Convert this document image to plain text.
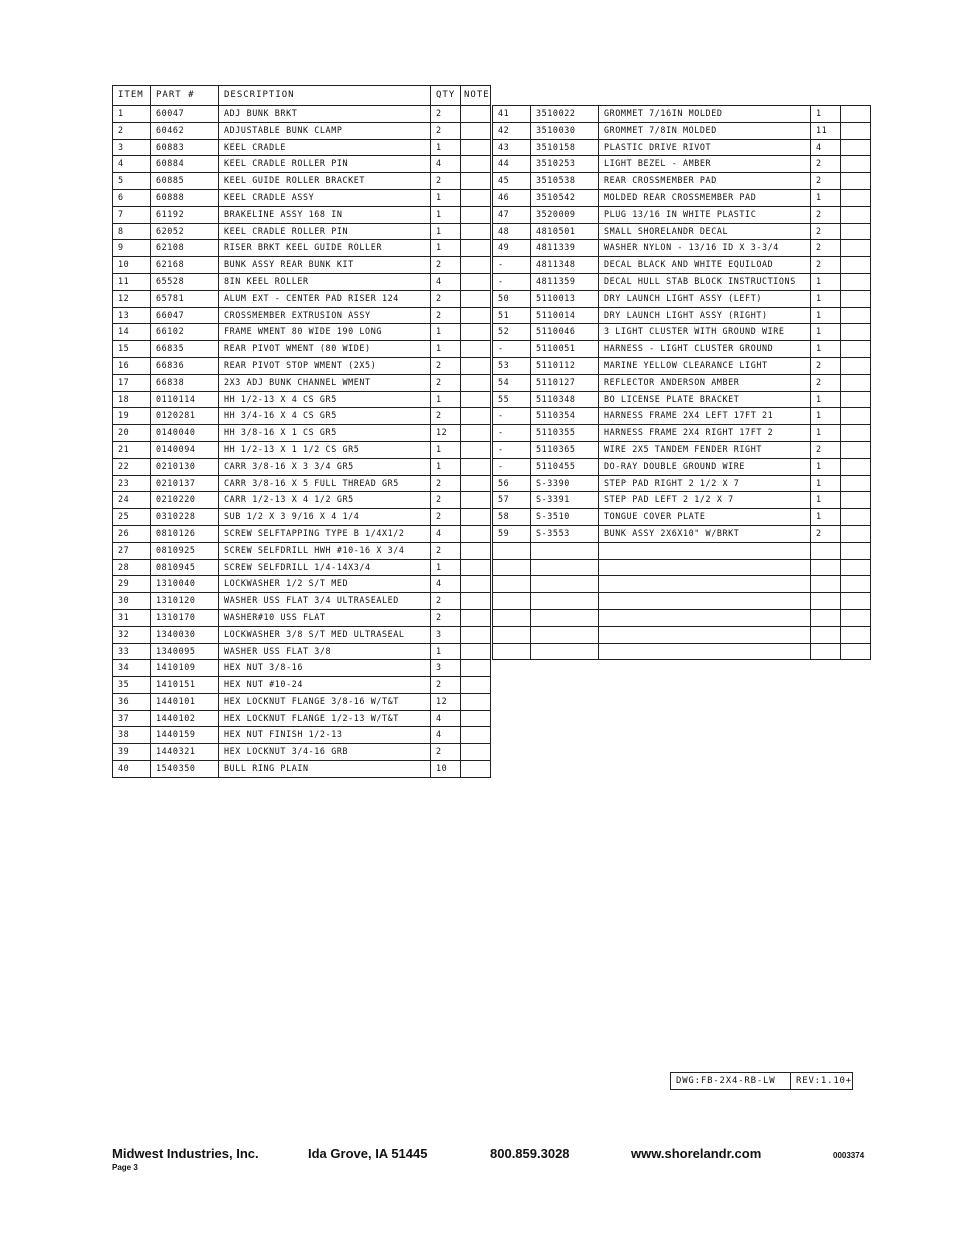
ITEM	PART #	DESCRIPTION	QTY	NOTE
1	60047	ADJ BUNK BRKT	2	
2	60462	ADJUSTABLE BUNK CLAMP	2	
3	60883	KEEL CRADLE	1	
4	60884	KEEL CRADLE ROLLER PIN	4	
5	60885	KEEL GUIDE ROLLER BRACKET	2	
6	60888	KEEL CRADLE ASSY	1	
7	61192	BRAKELINE ASSY 168 IN	1	
8	62052	KEEL CRADLE ROLLER PIN	1	
9	62108	RISER BRKT KEEL GUIDE ROLLER	1	
10	62168	BUNK ASSY REAR BUNK KIT	2	
11	65528	8IN KEEL ROLLER	4	
12	65781	ALUM EXT - CENTER PAD RISER 124	2	
13	66047	CROSSMEMBER EXTRUSION ASSY	2	
14	66102	FRAME WMENT 80 WIDE 190 LONG	1	
15	66835	REAR PIVOT WMENT (80 WIDE)	1	
16	66836	REAR PIVOT STOP WMENT (2X5)	2	
17	66838	2X3 ADJ BUNK CHANNEL WMENT	2	
18	0110114	HH 1/2-13 X 4 CS GR5	1	
19	0120281	HH 3/4-16 X 4 CS GR5	2	
20	0140040	HH 3/8-16 X 1 CS GR5	12	
21	0140094	HH 1/2-13 X 1 1/2 CS GR5	1	
22	0210130	CARR 3/8-16 X 3 3/4 GR5	1	
23	0210137	CARR 3/8-16 X 5 FULL THREAD GR5	2	
24	0210220	CARR 1/2-13 X 4 1/2 GR5	2	
25	0310228	SUB 1/2 X 3 9/16 X 4 1/4	2	
26	0810126	SCREW SELFTAPPING TYPE B 1/4X1/2	4	
27	0810925	SCREW SELFDRILL HWH #10-16 X 3/4	2	
28	0810945	SCREW SELFDRILL 1/4-14X3/4	1	
29	1310040	LOCKWASHER 1/2 S/T MED	4	
30	1310120	WASHER USS FLAT 3/4 ULTRASEALED	2	
31	1310170	WASHER#10 USS FLAT	2	
32	1340030	LOCKWASHER 3/8 S/T MED ULTRASEAL	3	
33	1340095	WASHER USS FLAT 3/8	1	
34	1410109	HEX NUT 3/8-16	3	
35	1410151	HEX NUT #10-24	2	
36	1440101	HEX LOCKNUT FLANGE 3/8-16 W/T&T	12	
37	1440102	HEX LOCKNUT FLANGE 1/2-13 W/T&T	4	
38	1440159	HEX NUT FINISH 1/2-13	4	
39	1440321	HEX LOCKNUT 3/4-16 GRB	2	
40	1540350	BULL RING PLAIN	10	
41	3510022	GROMMET 7/16IN MOLDED	1	
42	3510030	GROMMET 7/8IN MOLDED	11	
43	3510158	PLASTIC DRIVE RIVOT	4	
44	3510253	LIGHT BEZEL - AMBER	2	
45	3510538	REAR CROSSMEMBER PAD	2	
46	3510542	MOLDED REAR CROSSMEMBER PAD	1	
47	3520009	PLUG 13/16 IN WHITE PLASTIC	2	
48	4810501	SMALL SHORELANDR DECAL	2	
49	4811339	WASHER NYLON - 13/16 ID X 3-3/4	2	
-	4811348	DECAL BLACK AND WHITE EQUILOAD	2	
-	4811359	DECAL HULL STAB BLOCK INSTRUCTIONS	1	
50	5110013	DRY LAUNCH LIGHT ASSY (LEFT)	1	
51	5110014	DRY LAUNCH LIGHT ASSY (RIGHT)	1	
52	5110046	3 LIGHT CLUSTER WITH GROUND WIRE	1	
-	5110051	HARNESS - LIGHT CLUSTER GROUND	1	
53	5110112	MARINE YELLOW CLEARANCE LIGHT	2	
54	5110127	REFLECTOR ANDERSON AMBER	2	
55	5110348	BO LICENSE PLATE BRACKET	1	
-	5110354	HARNESS FRAME 2X4 LEFT 17FT 21	1	
-	5110355	HARNESS FRAME 2X4 RIGHT 17FT 2	1	
-	5110365	WIRE 2X5 TANDEM FENDER RIGHT	2	
-	5110455	DO-RAY DOUBLE GROUND WIRE	1	
56	S-3390	STEP PAD RIGHT 2 1/2 X 7	1	
57	S-3391	STEP PAD LEFT 2 1/2 X 7	1	
58	S-3510	TONGUE COVER PLATE	1	
59	S-3553	BUNK ASSY 2X6X10" W/BRKT	2	

DWG:FB-2X4-RB-LW	REV:1.10+
Midwest Industries, Inc.	Ida Grove, IA 51445	800.859.3028	www.shorelandr.com	0003374
Page 3
